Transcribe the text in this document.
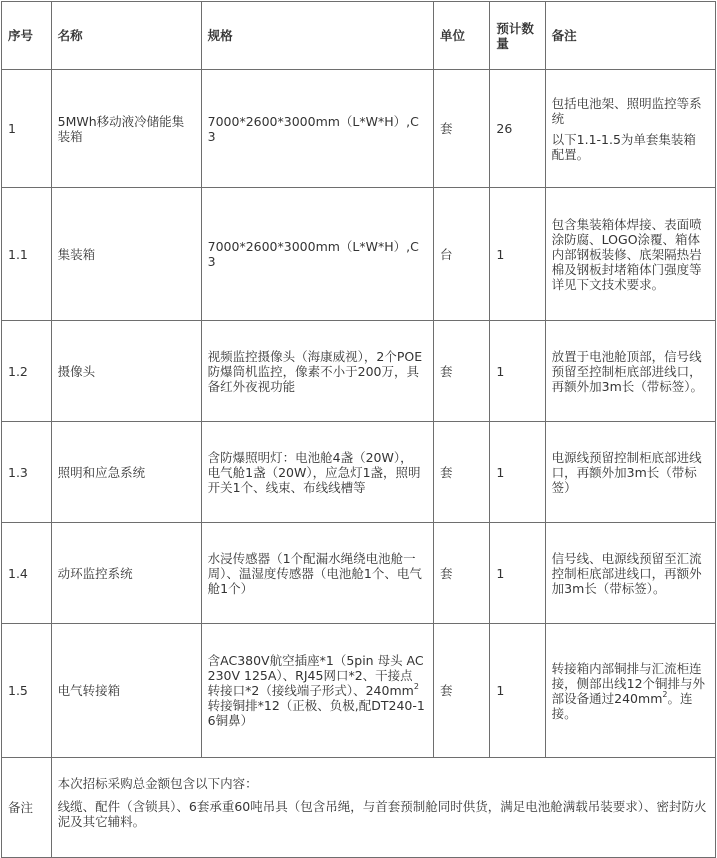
序号	名称	规格	单位	预计数量	备注
1	5MWh移动液冷储能集装箱	7000*2600*3000mm（L*W*H）,C3	套	26	包括电池架、照明监控等系统

以下1.1-1.5为单套集装箱配置。

1.1	集装箱	7000*2600*3000mm（L*W*H）,C3	台	1	包含集装箱体焊接、表面喷涂防腐、LOGO涂覆、箱体内部钢板装修、底架隔热岩棉及钢板封堵箱体门强度等详见下文技术要求。
1.2	摄像头	视频监控摄像头（海康威视），2个POE防爆筒机监控，像素不小于200万，具备红外夜视功能	套	1	放置于电池舱顶部，信号线预留至控制柜底部进线口，再额外加3m长（带标签）。
1.3	照明和应急系统	含防爆照明灯：电池舱4盏（20W），电气舱1盏（20W），应急灯1盏，照明开关1个、线束、布线线槽等	套	1	电源线预留控制柜底部进线口，再额外加3m长（带标签）
1.4	动环监控系统	水浸传感器（1个配漏水绳绕电池舱一周）、温湿度传感器（电池舱1个、电气舱1个）	套	1	信号线、电源线预留至汇流控制柜底部进线口，再额外加3m长（带标签）。
1.5	电气转接箱	含AC380V航空插座*1（5pin 母头 AC230V 125A）、RJ45网口*2、干接点转接口*2（接线端子形式）、$240mm^2$转接铜排*12（正极、负极,配DT240-16铜鼻）	套	1	转接箱内部铜排与汇流柜连接，侧部出线12个铜排与外部设备通过$240mm^2$。连接。
备注	本次招标采购总金额包含以下内容：

线缆、配件（含锁具）、6套承重60吨吊具（包含吊绳，与首套预制舱同时供货，满足电池舱满载吊装要求）、密封防火泥及其它辅料。				
